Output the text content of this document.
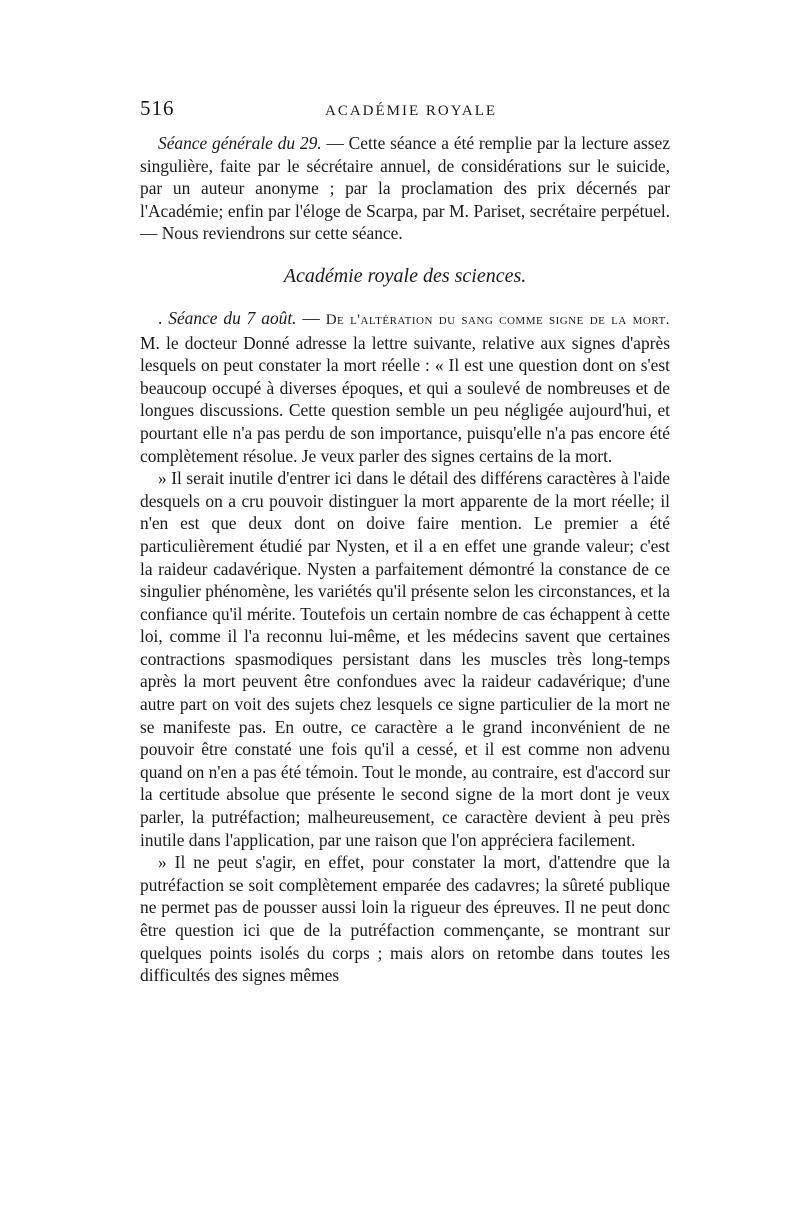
516	ACADÉMIE ROYALE

Séance générale du 29. — Cette séance a été remplie par la lecture assez singulière, faite par le sécrétaire annuel, de considérations sur le suicide, par un auteur anonyme ; par la proclamation des prix décernés par l'Académie; enfin par l'éloge de Scarpa, par M. Pariset, secrétaire perpétuel. — Nous reviendrons sur cette séance.

Académie royale des sciences.

. Séance du 7 août. — De l'altération du sang comme signe de la mort. M. le docteur Donné adresse la lettre suivante, relative aux signes d'après lesquels on peut constater la mort réelle : « Il est une question dont on s'est beaucoup occupé à diverses époques, et qui a soulevé de nombreuses et de longues discussions. Cette question semble un peu négligée aujourd'hui, et pourtant elle n'a pas perdu de son importance, puisqu'elle n'a pas encore été complètement résolue. Je veux parler des signes certains de la mort.

» Il serait inutile d'entrer ici dans le détail des différens caractères à l'aide desquels on a cru pouvoir distinguer la mort apparente de la mort réelle; il n'en est que deux dont on doive faire mention. Le premier a été particulièrement étudié par Nysten, et il a en effet une grande valeur; c'est la raideur cadavérique. Nysten a parfaitement démontré la constance de ce singulier phénomène, les variétés qu'il présente selon les circonstances, et la confiance qu'il mérite. Toutefois un certain nombre de cas échappent à cette loi, comme il l'a reconnu lui-même, et les médecins savent que certaines contractions spasmodiques persistant dans les muscles très long-temps après la mort peuvent être confondues avec la raideur cadavérique; d'une autre part on voit des sujets chez lesquels ce signe particulier de la mort ne se manifeste pas. En outre, ce caractère a le grand inconvénient de ne pouvoir être constaté une fois qu'il a cessé, et il est comme non advenu quand on n'en a pas été témoin. Tout le monde, au contraire, est d'accord sur la certitude absolue que présente le second signe de la mort dont je veux parler, la putréfaction; malheureusement, ce caractère devient à peu près inutile dans l'application, par une raison que l'on appréciera facilement.

» Il ne peut s'agir, en effet, pour constater la mort, d'attendre que la putréfaction se soit complètement emparée des cadavres; la sûreté publique ne permet pas de pousser aussi loin la rigueur des épreuves. Il ne peut donc être question ici que de la putréfaction commençante, se montrant sur quelques points isolés du corps ; mais alors on retombe dans toutes les difficultés des signes mêmes
